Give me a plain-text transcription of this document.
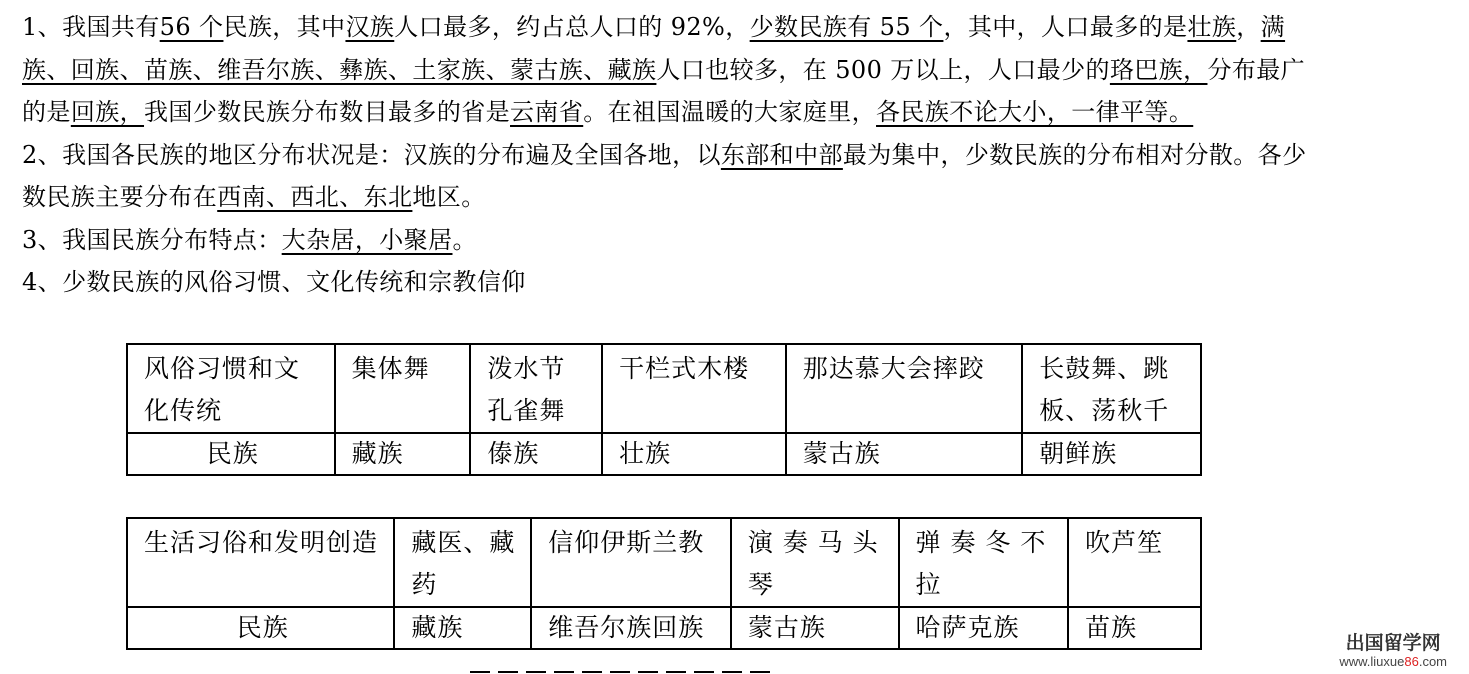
1、我国共有56 个民族，其中汉族人口最多，约占总人口的 92%，少数民族有 55 个，其中，人口最多的是壮族，满族、回族、苗族、维吾尔族、彝族、土家族、蒙古族、藏族人口也较多，在 500 万以上，人口最少的珞巴族，分布最广的是回族，我国少数民族分布数目最多的省是云南省。在祖国温暖的大家庭里，各民族不论大小，一律平等。

2、我国各民族的地区分布状况是：汉族的分布遍及全国各地，以东部和中部最为集中，少数民族的分布相对分散。各少数民族主要分布在西南、西北、东北地区。

3、我国民族分布特点：大杂居，小聚居。

4、少数民族的风俗习惯、文化传统和宗教信仰

风俗习惯和文化传统	集体舞	泼水节 孔雀舞	干栏式木楼	那达慕大会摔跤	长鼓舞、跳板、荡秋千
民族	藏族	傣族	壮族	蒙古族	朝鲜族
生活习俗和发明创造	藏医、藏药	信仰伊斯兰教	演 奏 马 头 琴	弹 奏 冬 不 拉	吹芦笙
民族	藏族	维吾尔族回族	蒙古族	哈萨克族	苗族
出国留学网
www.liuxue86.com
